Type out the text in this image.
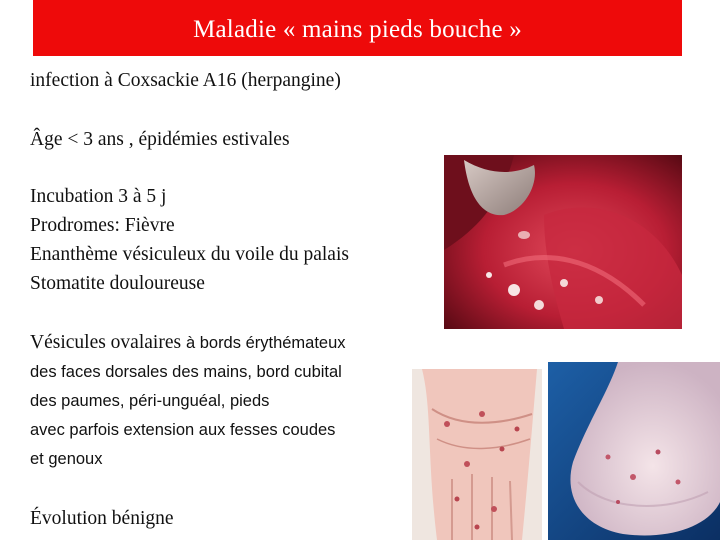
Maladie « mains pieds bouche »
infection à Coxsackie A16 (herpangine)
Âge < 3 ans , épidémies estivales
Incubation 3 à 5 j
Prodromes: Fièvre
Enanthème vésiculeux du voile du palais
Stomatite douloureuse
Vésicules ovalaires à bords érythémateux
des faces dorsales des mains, bord cubital
des paumes, péri-unguéal, pieds
avec parfois extension aux fesses coudes
et genoux
Évolution bénigne
